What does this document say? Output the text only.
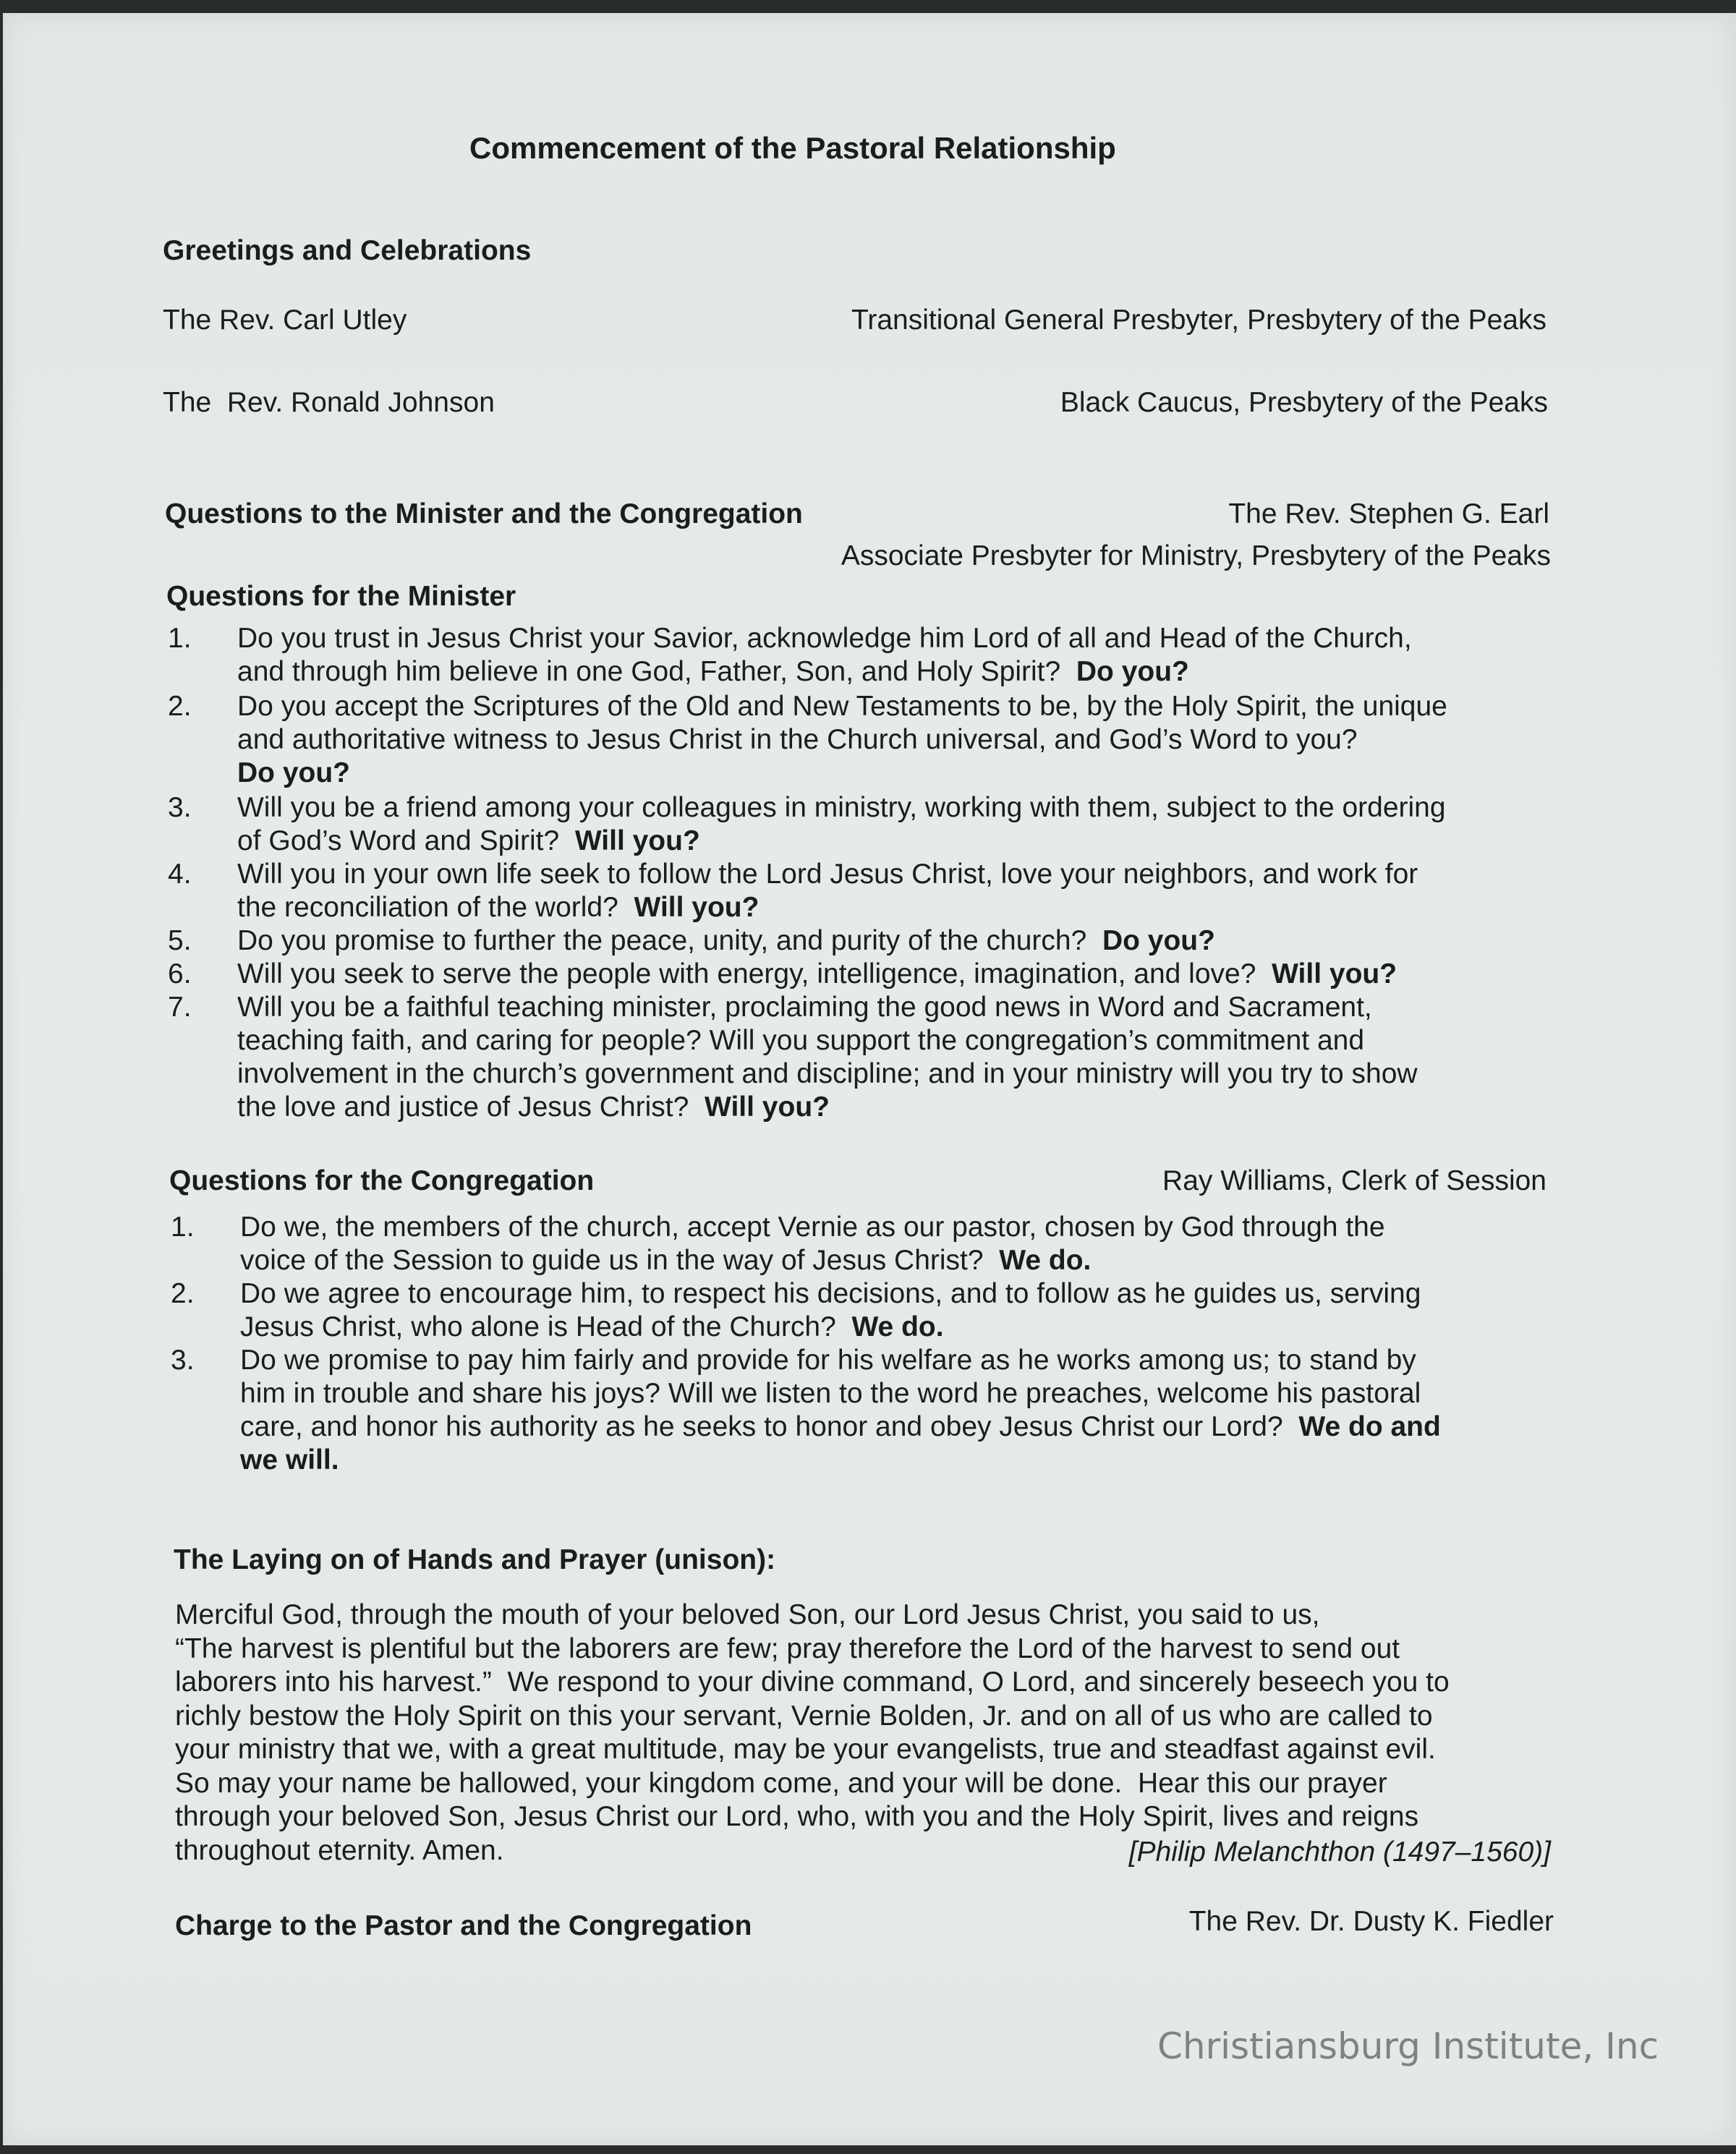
Commencement of the Pastoral Relationship
Greetings and Celebrations
The Rev. Carl Utley	Transitional General Presbyter, Presbytery of the Peaks
The  Rev. Ronald Johnson	Black Caucus, Presbytery of the Peaks
Questions to the Minister and the Congregation	The Rev. Stephen G. Earl
Associate Presbyter for Ministry, Presbytery of the Peaks
Questions for the Minister
Questions for the Congregation	Ray Williams, Clerk of Session
The Laying on of Hands and Prayer (unison):
Merciful God, through the mouth of your beloved Son, our Lord Jesus Christ, you said to us,
“The harvest is plentiful but the laborers are few; pray therefore the Lord of the harvest to send out
laborers into his harvest.”  We respond to your divine command, O Lord, and sincerely beseech you to
richly bestow the Holy Spirit on this your servant, Vernie Bolden, Jr. and on all of us who are called to
your ministry that we, with a great multitude, may be your evangelists, true and steadfast against evil.
So may your name be hallowed, your kingdom come, and your will be done.  Hear this our prayer
through your beloved Son, Jesus Christ our Lord, who, with you and the Holy Spirit, lives and reigns
throughout eternity. Amen.	[Philip Melanchthon (1497–1560)]
Charge to the Pastor and the Congregation	The Rev. Dr. Dusty K. Fiedler
1. Do you trust in Jesus Christ your Savior, acknowledge him Lord of all and Head of the Church,
and through him believe in one God, Father, Son, and Holy Spirit? Do you?
2. Do you accept the Scriptures of the Old and New Testaments to be, by the Holy Spirit, the unique
and authoritative witness to Jesus Christ in the Church universal, and God’s Word to you?
Do you?
3. Will you be a friend among your colleagues in ministry, working with them, subject to the ordering
of God’s Word and Spirit? Will you?
4. Will you in your own life seek to follow the Lord Jesus Christ, love your neighbors, and work for
the reconciliation of the world? Will you?
5. Do you promise to further the peace, unity, and purity of the church? Do you?
6. Will you seek to serve the people with energy, intelligence, imagination, and love? Will you?
7. Will you be a faithful teaching minister, proclaiming the good news in Word and Sacrament,
teaching faith, and caring for people? Will you support the congregation’s commitment and
involvement in the church’s government and discipline; and in your ministry will you try to show
the love and justice of Jesus Christ? Will you?
1. Do we, the members of the church, accept Vernie as our pastor, chosen by God through the
voice of the Session to guide us in the way of Jesus Christ? We do.
2. Do we agree to encourage him, to respect his decisions, and to follow as he guides us, serving
Jesus Christ, who alone is Head of the Church? We do.
3. Do we promise to pay him fairly and provide for his welfare as he works among us; to stand by
him in trouble and share his joys? Will we listen to the word he preaches, welcome his pastoral
care, and honor his authority as he seeks to honor and obey Jesus Christ our Lord? We do and
we will.
Christiansburg Institute, Inc
